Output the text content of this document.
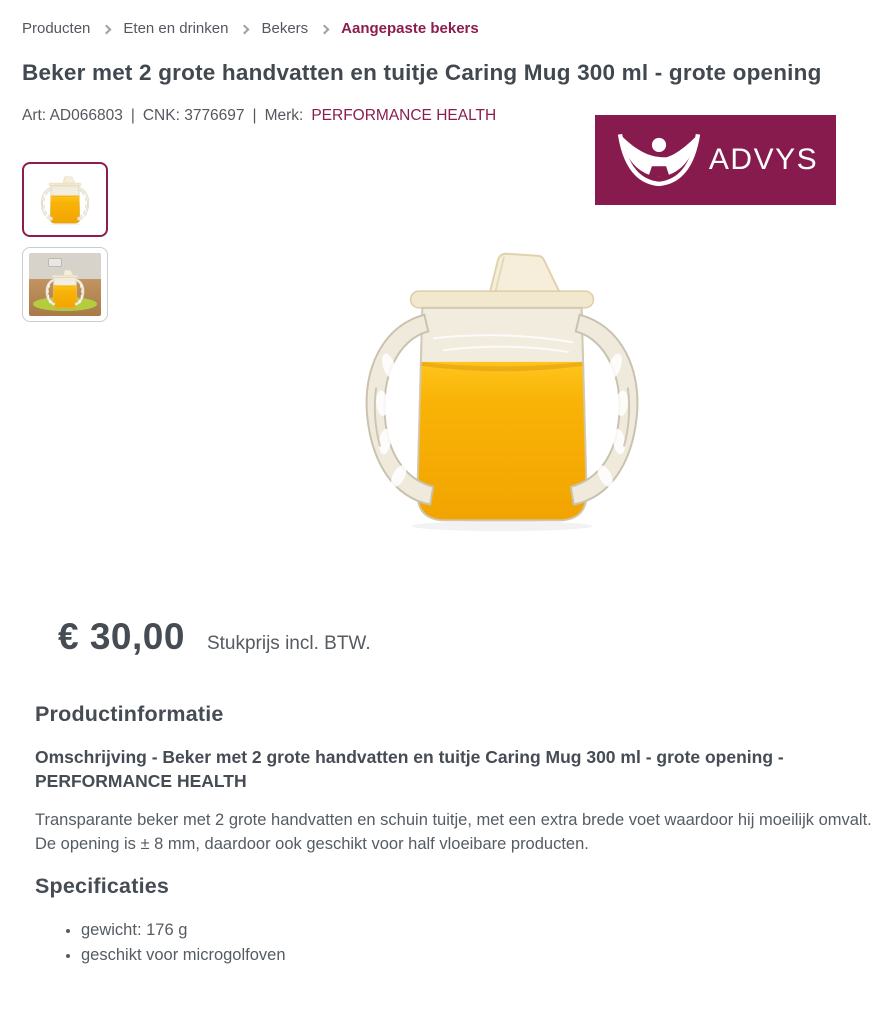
Producten Eten en drinken Bekers Aangepaste bekers
Beker met 2 grote handvatten en tuitje Caring Mug 300 ml - grote opening
Art: AD066803 | CNK: 3776697 | Merk: PERFORMANCE HEALTH
ADVYS
€ 30,00 Stukprijs incl. BTW.
Productinformatie
Omschrijving - Beker met 2 grote handvatten en tuitje Caring Mug 300 ml - grote opening - PERFORMANCE HEALTH

Transparante beker met 2 grote handvatten en schuin tuitje, met een extra brede voet waardoor hij moeilijk omvalt. De opening is ± 8 mm, daardoor ook geschikt voor half vloeibare producten.

Specificaties
• gewicht: 176 g
• geschikt voor microgolfoven
